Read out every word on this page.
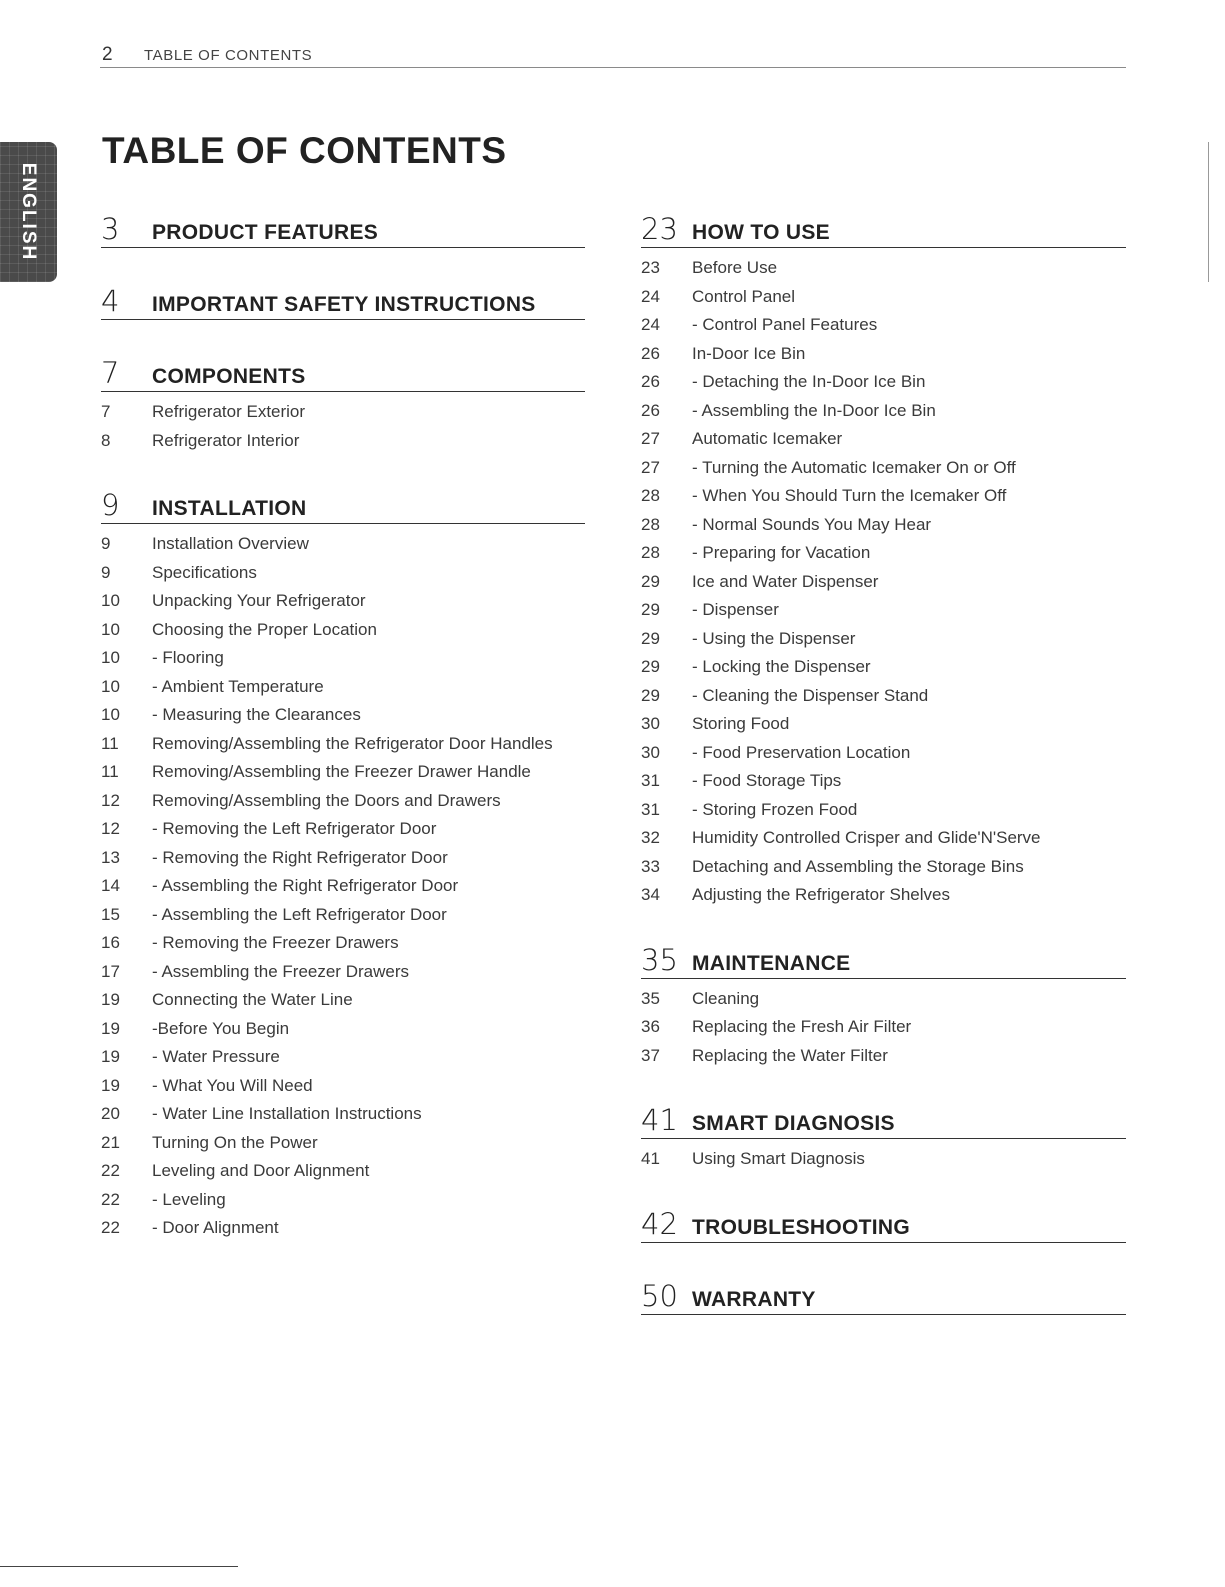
2 TABLE OF CONTENTS
ENGLISH
TABLE OF CONTENTS
3	PRODUCT FEATURES
4	IMPORTANT SAFETY INSTRUCTIONS
7	COMPONENTS
7	Refrigerator Exterior
8	Refrigerator Interior
9	INSTALLATION
9	Installation Overview
9	Specifications
10	Unpacking Your Refrigerator
10	Choosing the Proper Location
10	- Flooring
10	- Ambient Temperature
10	- Measuring the Clearances
11	Removing/Assembling the Refrigerator Door Handles
11	Removing/Assembling the Freezer Drawer Handle
12	Removing/Assembling the Doors and Drawers
12	- Removing the Left Refrigerator Door
13	- Removing the Right Refrigerator Door
14	- Assembling the Right Refrigerator Door
15	- Assembling the Left Refrigerator Door
16	- Removing the Freezer Drawers
17	- Assembling the Freezer Drawers
19	Connecting the Water Line
19	-Before You Begin
19	- Water Pressure
19	- What You Will Need
20	- Water Line Installation Instructions
21	Turning On the Power
22	Leveling and Door Alignment
22	- Leveling
22	- Door Alignment
23 HOW TO USE
23	Before Use
24	Control Panel
24	- Control Panel Features
26	In-Door Ice Bin
26	- Detaching the In-Door Ice Bin
26	- Assembling the In-Door Ice Bin
27	Automatic Icemaker
27	- Turning the Automatic Icemaker On or Off
28	- When You Should Turn the Icemaker Off
28	- Normal Sounds You May Hear
28	- Preparing for Vacation
29	Ice and Water Dispenser
29	- Dispenser
29	- Using the Dispenser
29	- Locking the Dispenser
29	- Cleaning the Dispenser Stand
30	Storing Food
30	- Food Preservation Location
31	- Food Storage Tips
31	- Storing Frozen Food
32	Humidity Controlled Crisper and Glide'N'Serve
33	Detaching and Assembling the Storage Bins
34	Adjusting the Refrigerator Shelves
35 MAINTENANCE
35	Cleaning
36	Replacing the Fresh Air Filter
37	Replacing the Water Filter
41 SMART DIAGNOSIS
41	Using Smart Diagnosis
42 TROUBLESHOOTING
50 WARRANTY
